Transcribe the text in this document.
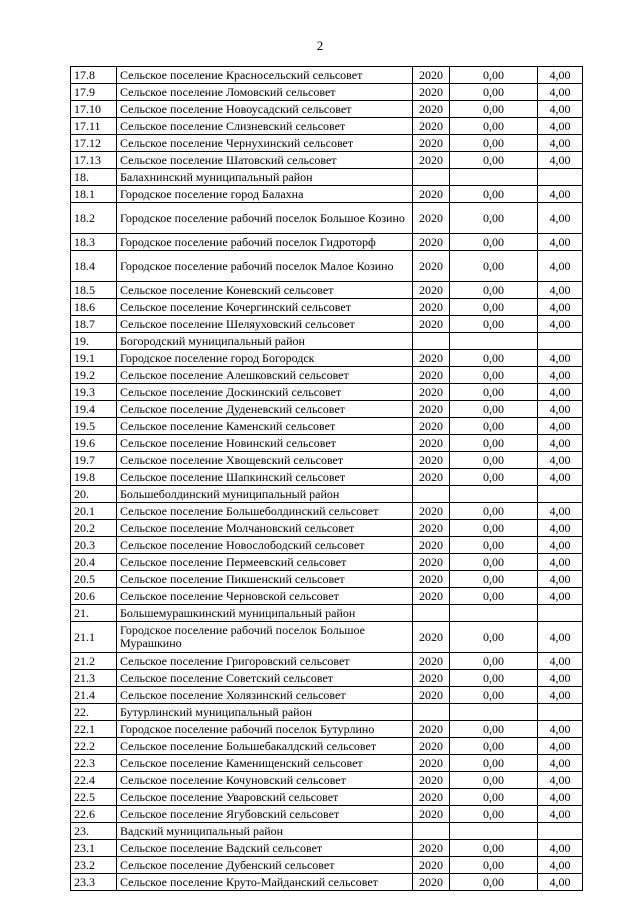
2
17.8	Сельское поселение Красносельский сельсовет	2020	0,00	4,00
17.9	Сельское поселение Ломовский сельсовет	2020	0,00	4,00
17.10	Сельское поселение Новоусадский сельсовет	2020	0,00	4,00
17.11	Сельское поселение Слизневский сельсовет	2020	0,00	4,00
17.12	Сельское поселение Чернухинский сельсовет	2020	0,00	4,00
17.13	Сельское поселение Шатовский сельсовет	2020	0,00	4,00
18.	Балахнинский муниципальный район			
18.1	Городское поселение город Балахна	2020	0,00	4,00
18.2	Городское поселение рабочий поселок Большое Козино	2020	0,00	4,00
18.3	Городское поселение рабочий поселок Гидроторф	2020	0,00	4,00
18.4	Городское поселение рабочий поселок Малое Козино	2020	0,00	4,00
18.5	Сельское поселение Коневский сельсовет	2020	0,00	4,00
18.6	Сельское поселение Кочергинский сельсовет	2020	0,00	4,00
18.7	Сельское поселение Шеляуховский сельсовет	2020	0,00	4,00
19.	Богородский муниципальный район			
19.1	Городское поселение город Богородск	2020	0,00	4,00
19.2	Сельское поселение Алешковский сельсовет	2020	0,00	4,00
19.3	Сельское поселение Доскинский сельсовет	2020	0,00	4,00
19.4	Сельское поселение Дуденевский сельсовет	2020	0,00	4,00
19.5	Сельское поселение Каменский сельсовет	2020	0,00	4,00
19.6	Сельское поселение Новинский сельсовет	2020	0,00	4,00
19.7	Сельское поселение Хвощевский сельсовет	2020	0,00	4,00
19.8	Сельское поселение Шапкинский сельсовет	2020	0,00	4,00
20.	Большеболдинский муниципальный район			
20.1	Сельское поселение Большеболдинский сельсовет	2020	0,00	4,00
20.2	Сельское поселение Молчановский сельсовет	2020	0,00	4,00
20.3	Сельское поселение Новослободский сельсовет	2020	0,00	4,00
20.4	Сельское поселение Пермеевский сельсовет	2020	0,00	4,00
20.5	Сельское поселение Пикшенский сельсовет	2020	0,00	4,00
20.6	Сельское поселение Черновской сельсовет	2020	0,00	4,00
21.	Большемурашкинский муниципальный район			
21.1	Городское поселение рабочий поселок Большое Мурашкино	2020	0,00	4,00
21.2	Сельское поселение Григоровский сельсовет	2020	0,00	4,00
21.3	Сельское поселение Советский сельсовет	2020	0,00	4,00
21.4	Сельское поселение Холязинский сельсовет	2020	0,00	4,00
22.	Бутурлинский муниципальный район			
22.1	Городское поселение рабочий поселок Бутурлино	2020	0,00	4,00
22.2	Сельское поселение Большебакалдский сельсовет	2020	0,00	4,00
22.3	Сельское поселение Каменищенский сельсовет	2020	0,00	4,00
22.4	Сельское поселение Кочуновский сельсовет	2020	0,00	4,00
22.5	Сельское поселение Уваровский сельсовет	2020	0,00	4,00
22.6	Сельское поселение Ягубовский сельсовет	2020	0,00	4,00
23.	Вадский муниципальный район			
23.1	Сельское поселение Вадский сельсовет	2020	0,00	4,00
23.2	Сельское поселение Дубенский сельсовет	2020	0,00	4,00
23.3	Сельское поселение Круто-Майданский сельсовет	2020	0,00	4,00
